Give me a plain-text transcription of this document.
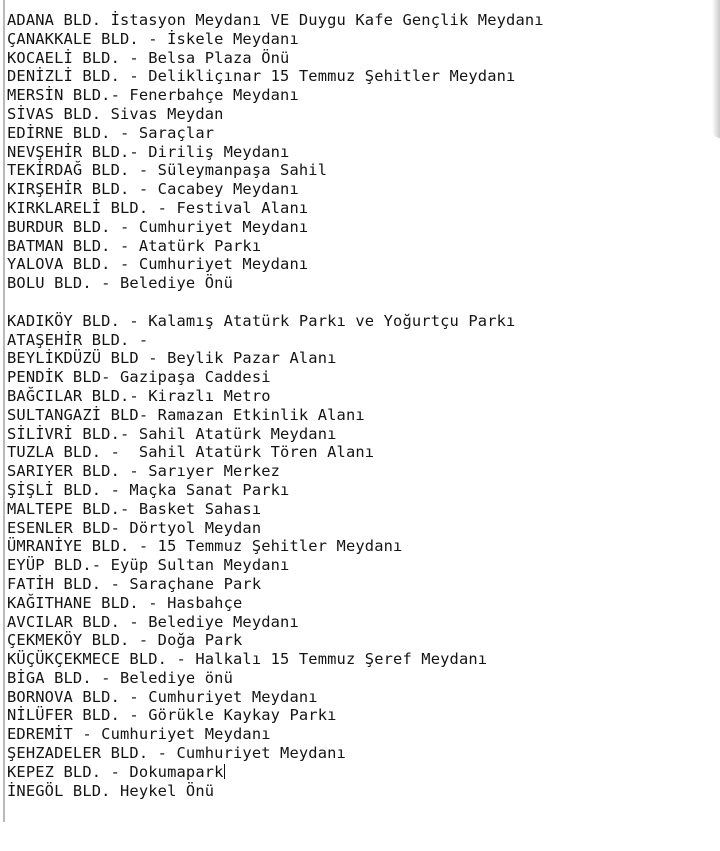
ADANA BLD. İstasyon Meydanı VE Duygu Kafe Gençlik Meydanı
ÇANAKKALE BLD. - İskele Meydanı
KOCAELİ BLD. - Belsa Plaza Önü
DENİZLİ BLD. - Delikliçınar 15 Temmuz Şehitler Meydanı
MERSİN BLD.- Fenerbahçe Meydanı
SİVAS BLD. Sivas Meydan
EDİRNE BLD. - Saraçlar
NEVŞEHİR BLD.- Diriliş Meydanı
TEKİRDAĞ BLD. - Süleymanpaşa Sahil
KIRŞEHİR BLD. - Cacabey Meydanı
KIRKLARELİ BLD. - Festival Alanı
BURDUR BLD. - Cumhuriyet Meydanı
BATMAN BLD. - Atatürk Parkı
YALOVA BLD. - Cumhuriyet Meydanı
BOLU BLD. - Belediye Önü
KADIKÖY BLD. - Kalamış Atatürk Parkı ve Yoğurtçu Parkı
ATAŞEHİR BLD. -
BEYLİKDÜZÜ BLD - Beylik Pazar Alanı
PENDİK BLD- Gazipaşa Caddesi
BAĞCILAR BLD.- Kirazlı Metro
SULTANGAZİ BLD- Ramazan Etkinlik Alanı
SİLİVRİ BLD.- Sahil Atatürk Meydanı
TUZLA BLD. -  Sahil Atatürk Tören Alanı
SARIYER BLD. - Sarıyer Merkez
ŞİŞLİ BLD. - Maçka Sanat Parkı
MALTEPE BLD.- Basket Sahası
ESENLER BLD- Dörtyol Meydan
ÜMRANİYE BLD. - 15 Temmuz Şehitler Meydanı
EYÜP BLD.- Eyüp Sultan Meydanı
FATİH BLD. - Saraçhane Park
KAĞITHANE BLD. - Hasbahçe
AVCILAR BLD. - Belediye Meydanı
ÇEKMEKÖY BLD. - Doğa Park
KÜÇÜKÇEKMECE BLD. - Halkalı 15 Temmuz Şeref Meydanı
BİGA BLD. - Belediye önü
BORNOVA BLD. - Cumhuriyet Meydanı
NİLÜFER BLD. - Görükle Kaykay Parkı
EDREMİT - Cumhuriyet Meydanı
ŞEHZADELER BLD. - Cumhuriyet Meydanı
KEPEZ BLD. - Dokumapark
İNEGÖL BLD. Heykel Önü
